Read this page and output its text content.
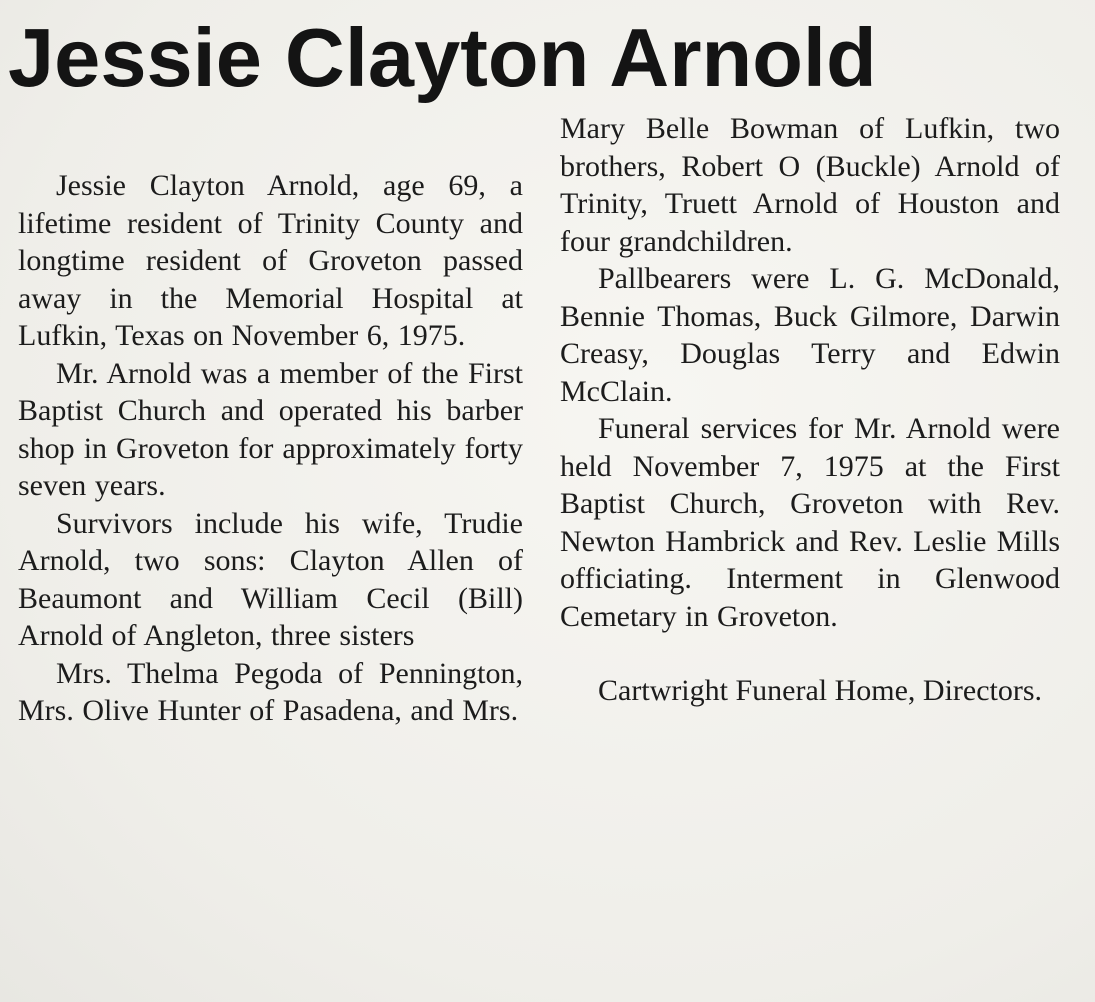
Jessie Clayton Arnold

Jessie Clayton Arnold, age 69, a lifetime resident of Trinity County and longtime resident of Groveton passed away in the Memorial Hospital at Lufkin, Texas on November 6, 1975.

Mr. Arnold was a member of the First Baptist Church and operated his barber shop in Groveton for approximately forty seven years.

Survivors include his wife, Trudie Arnold, two sons: Clayton Allen of Beaumont and William Cecil (Bill) Arnold of Angleton, three sisters

Mrs. Thelma Pegoda of Pennington, Mrs. Olive Hunter of Pasadena, and Mrs.

Mary Belle Bowman of Lufkin, two brothers, Robert O (Buckle) Arnold of Trinity, Truett Arnold of Houston and four grandchildren.

Pallbearers were L. G. McDonald, Bennie Thomas, Buck Gilmore, Darwin Creasy, Douglas Terry and Edwin McClain.

Funeral services for Mr. Arnold were held November 7, 1975 at the First Baptist Church, Groveton with Rev. Newton Hambrick and Rev. Leslie Mills officiating. Interment in Glenwood Cemetary in Groveton.

Cartwright Funeral Home, Directors.
